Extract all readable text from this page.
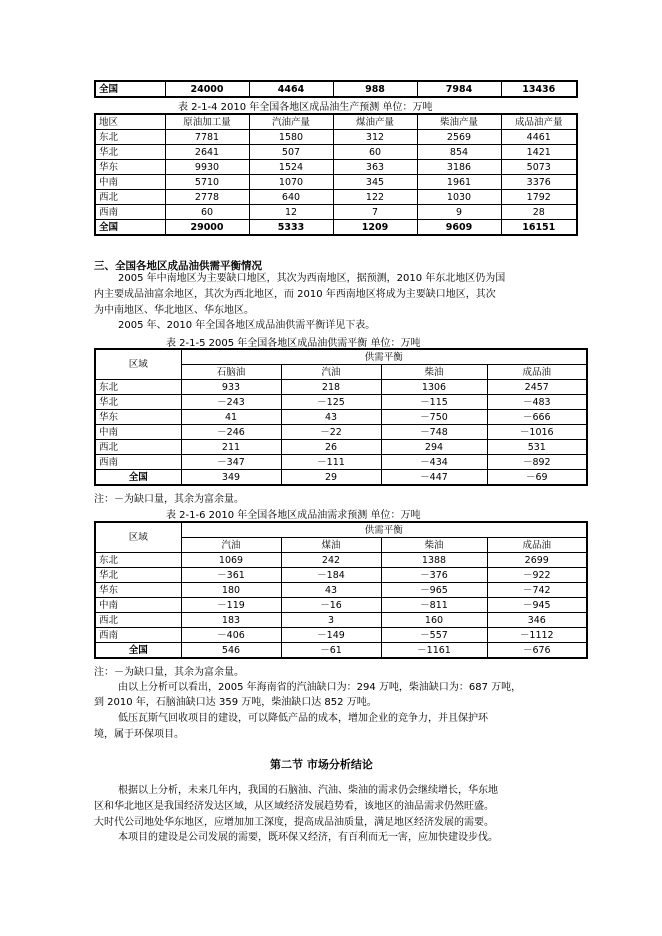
全国	24000	4464	988	7984	13436
表 2-1-4 2010 年全国各地区成品油生产预测 单位：万吨
地区	原油加工量	汽油产量	煤油产量	柴油产量	成品油产量
东北	7781	1580	312	2569	4461
华北	2641	507	60	854	1421
华东	9930	1524	363	3186	5073
中南	5710	1070	345	1961	3376
西北	2778	640	122	1030	1792
西南	60	12	7	9	28
全国	29000	5333	1209	9609	16151
三、全国各地区成品油供需平衡情况
2005 年中南地区为主要缺口地区，其次为西南地区，据预测，2010 年东北地区仍为国
内主要成品油富余地区，其次为西北地区，而 2010 年西南地区将成为主要缺口地区，其次
为中南地区、华北地区、华东地区。
2005 年、2010 年全国各地区成品油供需平衡详见下表。
表 2-1-5 2005 年全国各地区成品油供需平衡 单位：万吨
区域	供需平衡			
	石脑油	汽油	柴油	成品油
东北	933	218	1306	2457
华北	－243	－125	－115	－483
华东	41	43	－750	－666
中南	－246	－22	－748	－1016
西北	211	26	294	531
西南	－347	－111	－434	－892
全国	349	29	－447	－69
注：－为缺口量，其余为富余量。
表 2-1-6 2010 年全国各地区成品油需求预测 单位：万吨
区域	供需平衡			
	汽油	煤油	柴油	成品油
东北	1069	242	1388	2699
华北	－361	－184	－376	－922
华东	180	43	－965	－742
中南	－119	－16	－811	－945
西北	183	3	160	346
西南	－406	－149	－557	－1112
全国	546	－61	－1161	－676
注：－为缺口量，其余为富余量。
由以上分析可以看出，2005 年海南省的汽油缺口为：294 万吨，柴油缺口为：687 万吨，
到 2010 年，石脑油缺口达 359 万吨，柴油缺口达 852 万吨。
低压瓦斯气回收项目的建设，可以降低产品的成本，增加企业的竞争力，并且保护环
境，属于环保项目。
第二节 市场分析结论
根据以上分析，未来几年内，我国的石脑油、汽油、柴油的需求仍会继续增长，华东地
区和华北地区是我国经济发达区域，从区域经济发展趋势看，该地区的油品需求仍然旺盛。
大时代公司地处华东地区，应增加加工深度，提高成品油质量，满足地区经济发展的需要。
本项目的建设是公司发展的需要，既环保又经济，有百利而无一害，应加快建设步伐。
